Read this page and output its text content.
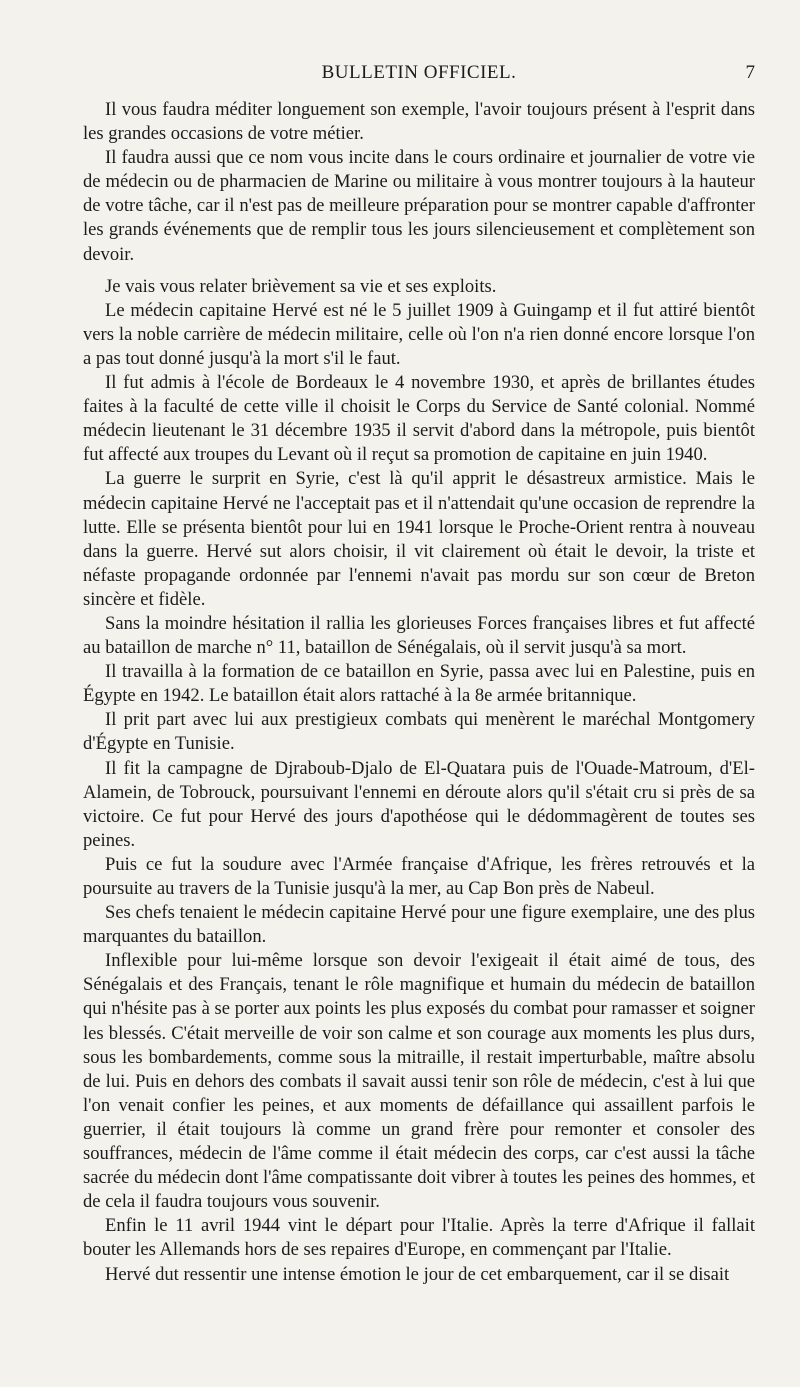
BULLETIN OFFICIEL.	7

Il vous faudra méditer longuement son exemple, l'avoir toujours présent à l'esprit dans les grandes occasions de votre métier.

Il faudra aussi que ce nom vous incite dans le cours ordinaire et journalier de votre vie de médecin ou de pharmacien de Marine ou militaire à vous montrer toujours à la hauteur de votre tâche, car il n'est pas de meilleure préparation pour se montrer capable d'affronter les grands événements que de remplir tous les jours silencieusement et complètement son devoir.

Je vais vous relater brièvement sa vie et ses exploits.

Le médecin capitaine Hervé est né le 5 juillet 1909 à Guingamp et il fut attiré bientôt vers la noble carrière de médecin militaire, celle où l'on n'a rien donné encore lorsque l'on a pas tout donné jusqu'à la mort s'il le faut.

Il fut admis à l'école de Bordeaux le 4 novembre 1930, et après de brillantes études faites à la faculté de cette ville il choisit le Corps du Service de Santé colonial. Nommé médecin lieutenant le 31 décembre 1935 il servit d'abord dans la métropole, puis bientôt fut affecté aux troupes du Levant où il reçut sa promotion de capitaine en juin 1940.

La guerre le surprit en Syrie, c'est là qu'il apprit le désastreux armistice. Mais le médecin capitaine Hervé ne l'acceptait pas et il n'attendait qu'une occasion de reprendre la lutte. Elle se présenta bientôt pour lui en 1941 lorsque le Proche-Orient rentra à nouveau dans la guerre. Hervé sut alors choisir, il vit clairement où était le devoir, la triste et néfaste propagande ordonnée par l'ennemi n'avait pas mordu sur son cœur de Breton sincère et fidèle.

Sans la moindre hésitation il rallia les glorieuses Forces françaises libres et fut affecté au bataillon de marche n° 11, bataillon de Sénégalais, où il servit jusqu'à sa mort.

Il travailla à la formation de ce bataillon en Syrie, passa avec lui en Palestine, puis en Égypte en 1942. Le bataillon était alors rattaché à la 8e armée britannique.

Il prit part avec lui aux prestigieux combats qui menèrent le maréchal Montgomery d'Égypte en Tunisie.

Il fit la campagne de Djraboub-Djalo de El-Quatara puis de l'Ouade-Matroum, d'El-Alamein, de Tobrouck, poursuivant l'ennemi en déroute alors qu'il s'était cru si près de sa victoire. Ce fut pour Hervé des jours d'apothéose qui le dédommagèrent de toutes ses peines.

Puis ce fut la soudure avec l'Armée française d'Afrique, les frères retrouvés et la poursuite au travers de la Tunisie jusqu'à la mer, au Cap Bon près de Nabeul.

Ses chefs tenaient le médecin capitaine Hervé pour une figure exemplaire, une des plus marquantes du bataillon.

Inflexible pour lui-même lorsque son devoir l'exigeait il était aimé de tous, des Sénégalais et des Français, tenant le rôle magnifique et humain du médecin de bataillon qui n'hésite pas à se porter aux points les plus exposés du combat pour ramasser et soigner les blessés. C'était merveille de voir son calme et son courage aux moments les plus durs, sous les bombardements, comme sous la mitraille, il restait imperturbable, maître absolu de lui. Puis en dehors des combats il savait aussi tenir son rôle de médecin, c'est à lui que l'on venait confier les peines, et aux moments de défaillance qui assaillent parfois le guerrier, il était toujours là comme un grand frère pour remonter et consoler des souffrances, médecin de l'âme comme il était médecin des corps, car c'est aussi la tâche sacrée du médecin dont l'âme compatissante doit vibrer à toutes les peines des hommes, et de cela il faudra toujours vous souvenir.

Enfin le 11 avril 1944 vint le départ pour l'Italie. Après la terre d'Afrique il fallait bouter les Allemands hors de ses repaires d'Europe, en commençant par l'Italie.

Hervé dut ressentir une intense émotion le jour de cet embarquement, car il se disait
